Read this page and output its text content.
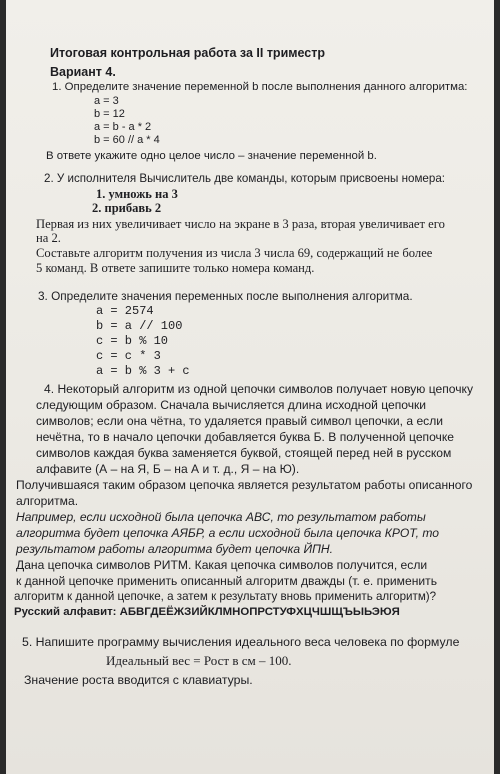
Итоговая контрольная работа за II триместр
Вариант 4.
1. Определите значение переменной b после выполнения данного алгоритма:
a = 3
b = 12
a = b - a * 2
b = 60 // a * 4
В ответе укажите одно целое число – значение переменной b.
2. У исполнителя Вычислитель две команды, которым присвоены номера:
1. умножь на 3
2. прибавь 2
Первая из них увеличивает число на экране в 3 раза, вторая увеличивает его
на 2.
Составьте алгоритм получения из числа 3 числа 69, содержащий не более
5 команд. В ответе запишите только номера команд.
3. Определите значения переменных после выполнения алгоритма.
a = 2574
b = a // 100
c = b % 10
c = c * 3
a = b % 3 + c
4. Некоторый алгоритм из одной цепочки символов получает новую цепочку
следующим образом. Сначала вычисляется длина исходной цепочки
символов; если она чётна, то удаляется правый символ цепочки, а если
нечётна, то в начало цепочки добавляется буква Б. В полученной цепочке
символов каждая буква заменяется буквой, стоящей перед ней в русском
алфавите (А – на Я, Б – на А и т. д., Я – на Ю).
Получившаяся таким образом цепочка является результатом работы описанного
алгоритма.
Например, если исходной была цепочка АВС, то результатом работы
алгоритма будет цепочка АЯБР, а если исходной была цепочка КРОТ, то
результатом работы алгоритма будет цепочка ЙПН.
Дана цепочка символов РИТМ. Какая цепочка символов получится, если
к данной цепочке применить описанный алгоритм дважды (т. е. применить
алгоритм к данной цепочке, а затем к результату вновь применить алгоритм)?
Русский алфавит: АБВГДЕЁЖЗИЙКЛМНОПРСТУФХЦЧШЩЪЫЬЭЮЯ
5. Напишите программу вычисления идеального веса человека по формуле
Идеальный вес = Рост в см – 100.
Значение роста вводится с клавиатуры.
